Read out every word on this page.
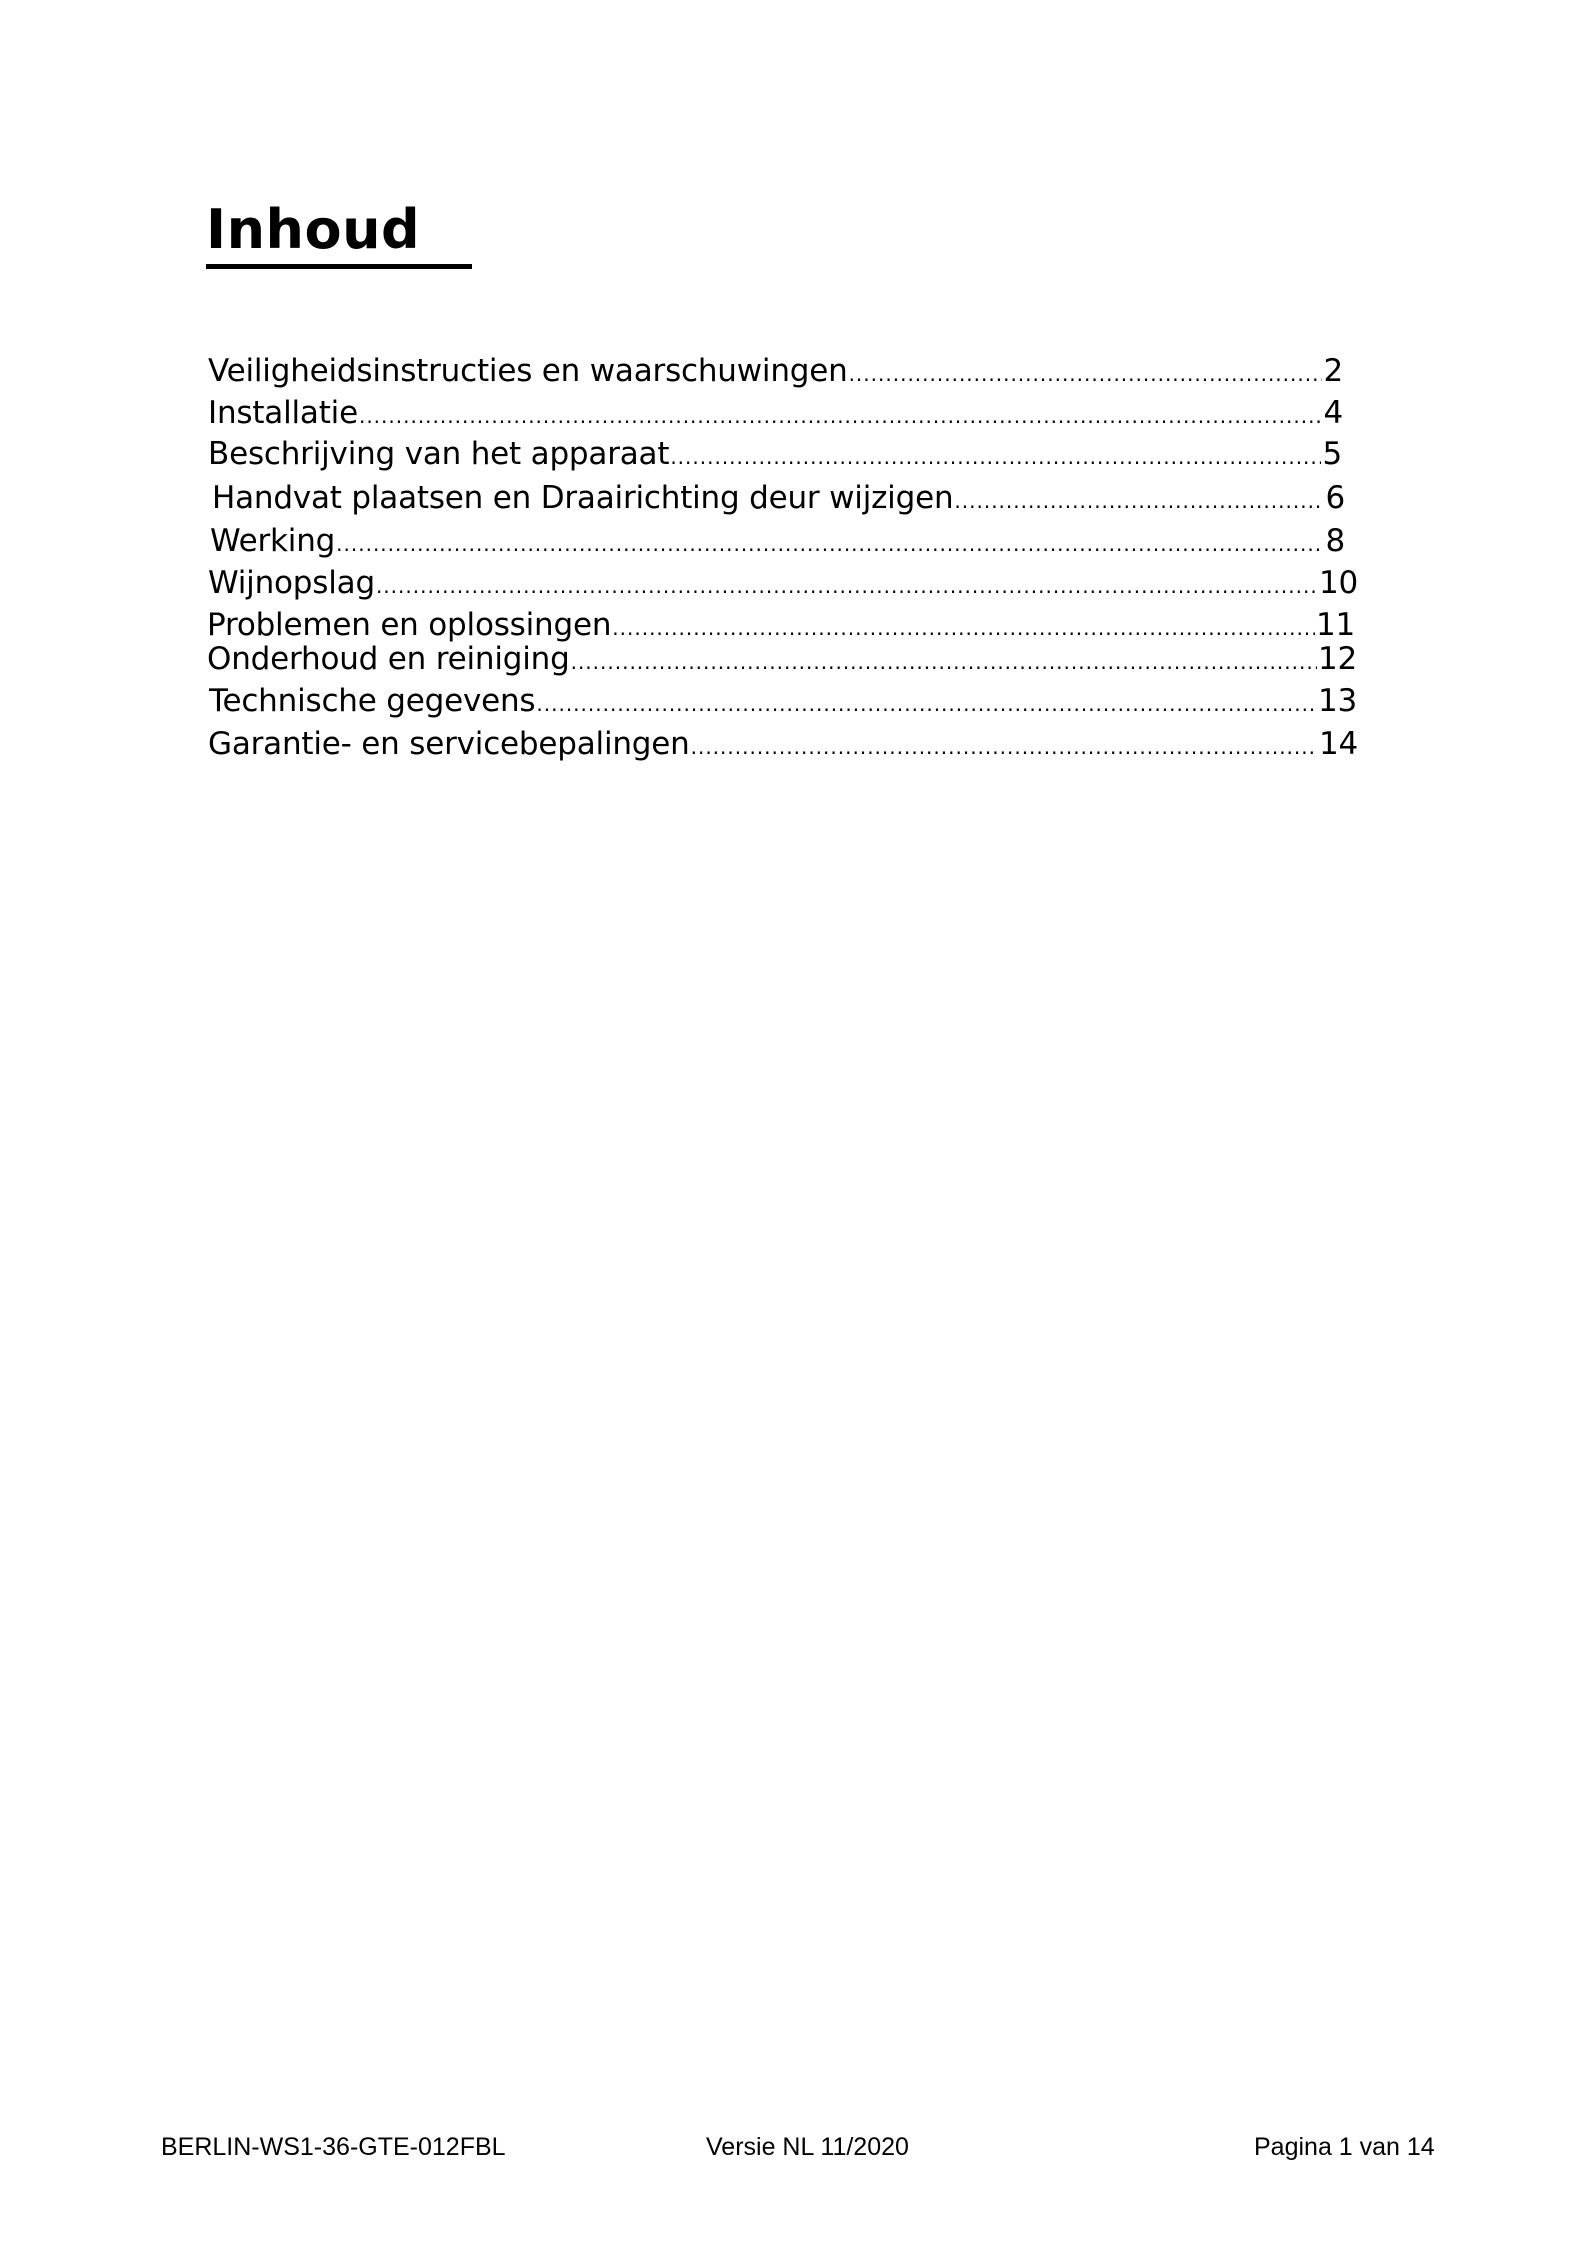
Inhoud
Veiligheidsinstructies en waarschuwingen .....	2
Installatie .....	4
Beschrijving van het apparaat .....	5
Handvat plaatsen en Draairichting deur wijzigen .....	6
Werking .....	8
Wijnopslag .....	10
Problemen en oplossingen .....	11
Onderhoud en reiniging .....	12
Technische gegevens .....	13
Garantie- en servicebepalingen .....	14
BERLIN-WS1-36-GTE-012FBL	Versie NL 11/2020	Pagina 1 van 14
